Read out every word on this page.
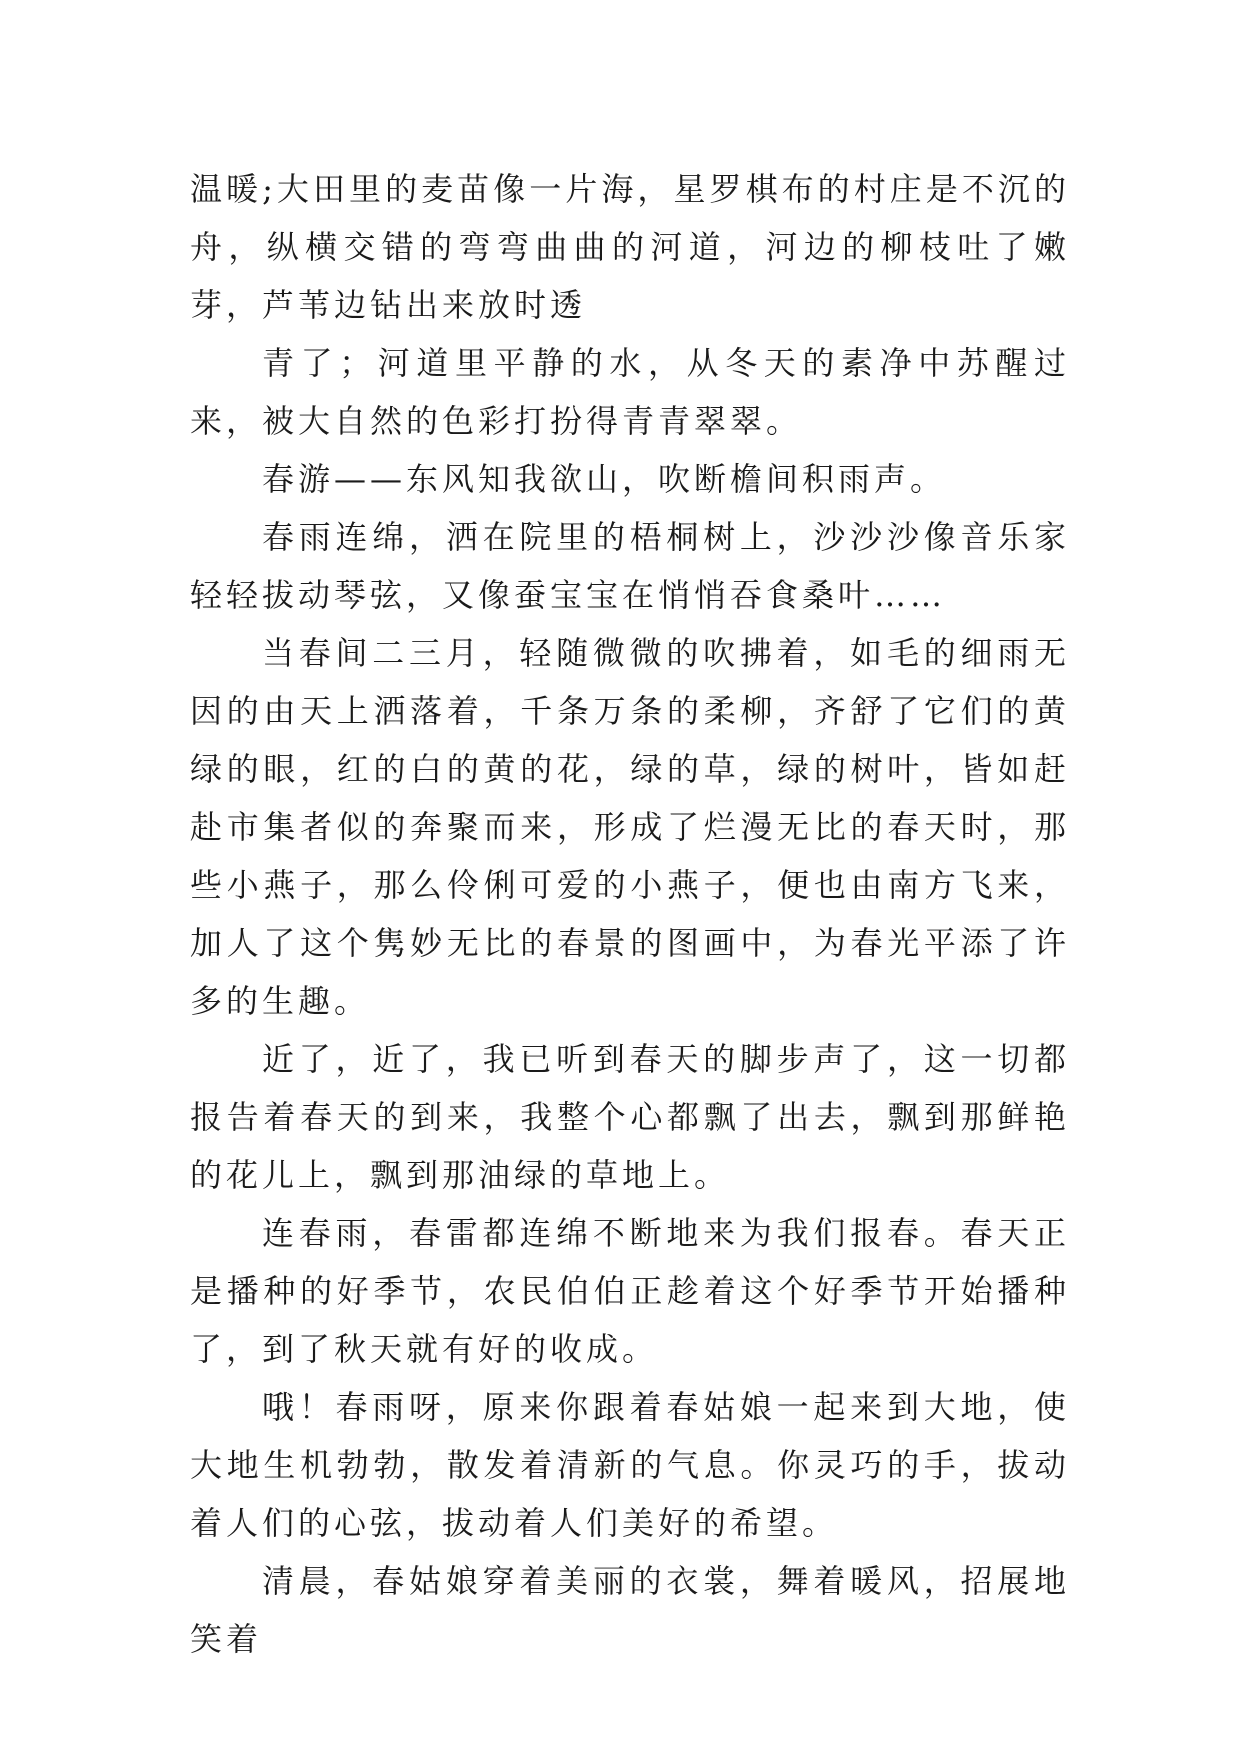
温暖;大田里的麦苗像一片海，星罗棋布的村庄是不沉的舟，纵横交错的弯弯曲曲的河道，河边的柳枝吐了嫩芽，芦苇边钻出来放时透

青了；河道里平静的水，从冬天的素净中苏醒过来，被大自然的色彩打扮得青青翠翠。

春游——东风知我欲山，吹断檐间积雨声。

春雨连绵，洒在院里的梧桐树上，沙沙沙像音乐家轻轻拔动琴弦，又像蚕宝宝在悄悄吞食桑叶……

当春间二三月，轻随微微的吹拂着，如毛的细雨无因的由天上洒落着，千条万条的柔柳，齐舒了它们的黄绿的眼，红的白的黄的花，绿的草，绿的树叶，皆如赶赴市集者似的奔聚而来，形成了烂漫无比的春天时，那些小燕子，那么伶俐可爱的小燕子，便也由南方飞来，加人了这个隽妙无比的春景的图画中，为春光平添了许多的生趣。

近了，近了，我已听到春天的脚步声了，这一切都报告着春天的到来，我整个心都飘了出去，飘到那鲜艳的花儿上，飘到那油绿的草地上。

连春雨，春雷都连绵不断地来为我们报春。春天正是播种的好季节，农民伯伯正趁着这个好季节开始播种了，到了秋天就有好的收成。

哦！春雨呀，原来你跟着春姑娘一起来到大地，使大地生机勃勃，散发着清新的气息。你灵巧的手，拔动着人们的心弦，拔动着人们美好的希望。

清晨，春姑娘穿着美丽的衣裳，舞着暖风，招展地笑着
